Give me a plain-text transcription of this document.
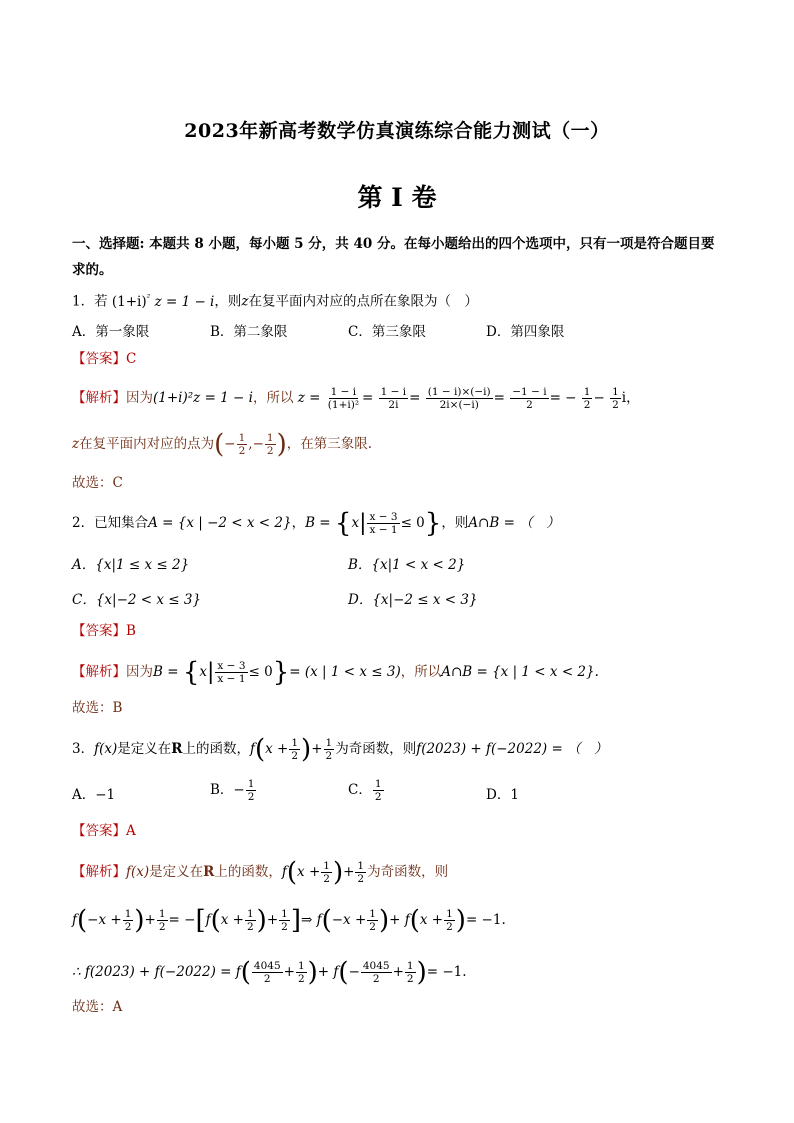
2023年新高考数学仿真演练综合能力测试（一）
第 I 卷
一、选择题: 本题共 8 小题，每小题 5 分，共 40 分。在每小题给出的四个选项中，只有一项是符合题目要求的。
1．若 $(1+i)^{^2}$ z = 1 − i，则z在复平面内对应的点所在象限为（　）
A．第一象限	B．第二象限	C．第三象限	D．第四象限
【答案】C
【解析】因为(1+i)²z = 1 − i，所以 $z = \frac{1 - i}{\text{(1+i)²}} = \frac{1 - i}{2i} = \frac{(1 - i)\times(-i)}{2i\times(-i)} = \frac{-1 - i}{2}$ = − $\frac{1}{2} - \frac{1}{2}$ i，
z在复平面内对应的点为(− $\frac{1}{2}$ ,− $\frac{1}{2}$ )，在第三象限.
故选：C
2．已知集合A = {x | −2 < x < 2}，$B = \{x| \frac{x - 3}{x - 1} \le 0\}$，则A∩B = （　）
A．{x|1 ≤ x ≤ 2}	B．{x|1 < x < 2}
C．{x|−2 < x ≤ 3}	D．{x|−2 ≤ x < 3}
【答案】B
【解析】因为$B = \{x| \frac{x - 3}{x - 1} \le 0\}= (x$ | 1 < x ≤ 3)，所以A∩B = {x | 1 < x < 2}.
故选：B
3．f(x)是定义在R上的函数，$f(x + \frac{1}{2}$ )+ $\frac{1}{2}$ 为奇函数，则f(2023) + f(−2022) = （　）
A．−1	B．− $\frac{1}{2}$	C． $\frac{1}{2}$	D．1
【答案】A
【解析】f(x)是定义在R上的函数，$f(x + \frac{1}{2}$ )+ $\frac{1}{2}$ 为奇函数，则
$f(-x + \frac{1}{2}$ )+ $\frac{1}{2} = -[f(x + \frac{1}{2}$ )+ $\frac{1}{2}$ ]⇒ $f(-x + \frac{1}{2}$ )+ $f(x + \frac{1}{2}$ )= −1.
∴ $f(2023) + f(-2022) = f( \frac{4045}{2} + \frac{1}{2}$ )+ $f(- \frac{4045}{2} + \frac{1}{2}$ )= −1.
故选：A
